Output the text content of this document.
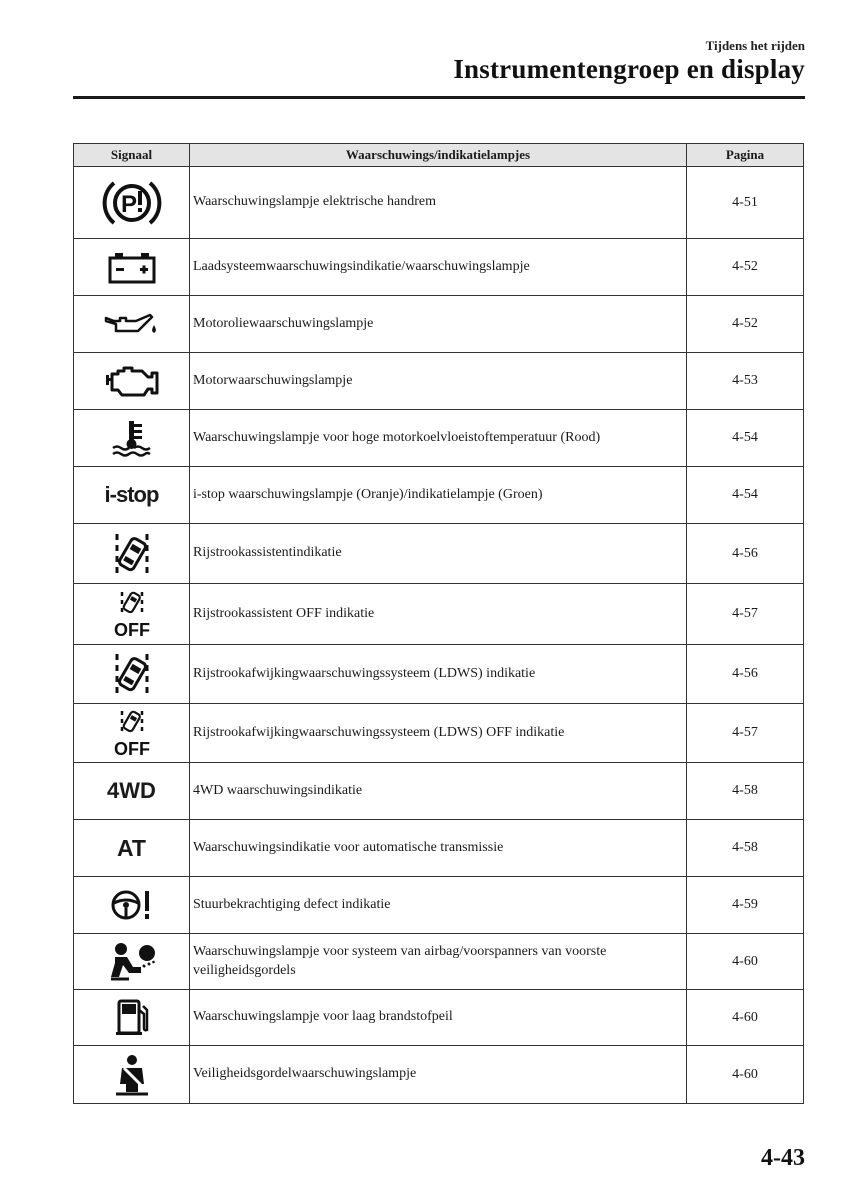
Tijdens het rijden
Instrumentengroep en display
Signaal	Waarschuwings/indikatielampjes	Pagina

P	Waarschuwingslampje elektrische handrem	4-51

	Laadsysteemwaarschuwingsindikatie/waarschuwingslampje	4-52

	Motoroliewaarschuwingslampje	4-52

	Motorwaarschuwingslampje	4-53

	Waarschuwingslampje voor hoge motorkoelvloeistoftemperatuur (Rood)	4-54
i-stop	i-stop waarschuwingslampje (Oranje)/indikatielampje (Groen)	4-54

	Rijstrookassistentindikatie	4-56

OFF	Rijstrookassistent OFF indikatie	4-57

	Rijstrookafwijkingwaarschuwingssysteem (LDWS) indikatie	4-56

OFF	Rijstrookafwijkingwaarschuwingssysteem (LDWS) OFF indikatie	4-57
4WD	4WD waarschuwingsindikatie	4-58
AT	Waarschuwingsindikatie voor automatische transmissie	4-58

	Stuurbekrachtiging defect indikatie	4-59

	Waarschuwingslampje voor systeem van airbag/voorspanners van voorste veiligheidsgordels	4-60

	Waarschuwingslampje voor laag brandstofpeil	4-60

	Veiligheidsgordelwaarschuwingslampje	4-60
4-43
